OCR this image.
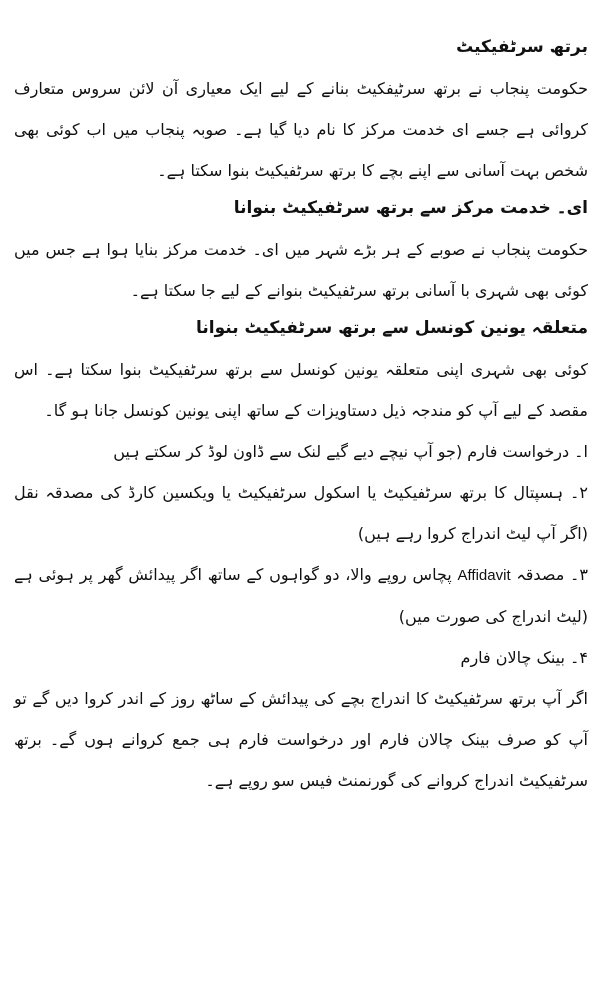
برتھ سرٹفیکیٹ
حکومت پنجاب نے برتھ سرٹیفکیٹ بنانے کے لیے ایک معیاری آن لائن سروس متعارف کروائی ہے جسے ای خدمت مرکز کا نام دیا گیا ہے۔ صوبہ پنجاب میں اب کوئی بھی شخص بہت آسانی سے اپنے بچے کا برتھ سرٹفیکیٹ بنوا سکتا ہے۔
ای۔ خدمت مرکز سے برتھ سرٹفیکیٹ بنوانا
حکومت پنجاب نے صوبے کے ہر بڑے شہر میں ای۔ خدمت مرکز بنایا ہوا ہے جس میں کوئی بھی شہری با آسانی برتھ سرٹفیکیٹ بنوانے کے لیے جا سکتا ہے۔
متعلقہ یونین کونسل سے برتھ سرٹفیکیٹ بنوانا
کوئی بھی شہری اپنی متعلقہ یونین کونسل سے برتھ سرٹفیکیٹ بنوا سکتا ہے۔ اس مقصد کے لیے آپ کو مندجہ ذیل دستاویزات کے ساتھ اپنی یونین کونسل جانا ہو گا۔
ا۔ درخواست فارم (جو آپ نیچے دیے گیے لنک سے ڈاون لوڈ کر سکتے ہیں
۲۔ ہسپتال کا برتھ سرٹفیکیٹ یا اسکول سرٹفیکیٹ یا ویکسین کارڈ کی مصدقہ نقل (اگر آپ لیٹ اندراج کروا رہے ہیں)
۳۔ مصدقہ Affidavit پچاس روپے والا، دو گواہوں کے ساتھ اگر پیدائش گھر پر ہوئی ہے (لیٹ اندراج کی صورت میں)
۴۔ بینک چالان فارم
اگر آپ برتھ سرٹفیکیٹ کا اندراج بچے کی پیدائش کے ساٹھ روز کے اندر کروا دیں گے تو آپ کو صرف بینک چالان فارم اور درخواست فارم ہی جمع کروانے ہوں گے۔ برتھ سرٹفیکیٹ اندراج کروانے کی گورنمنٹ فیس سو روپے ہے۔
